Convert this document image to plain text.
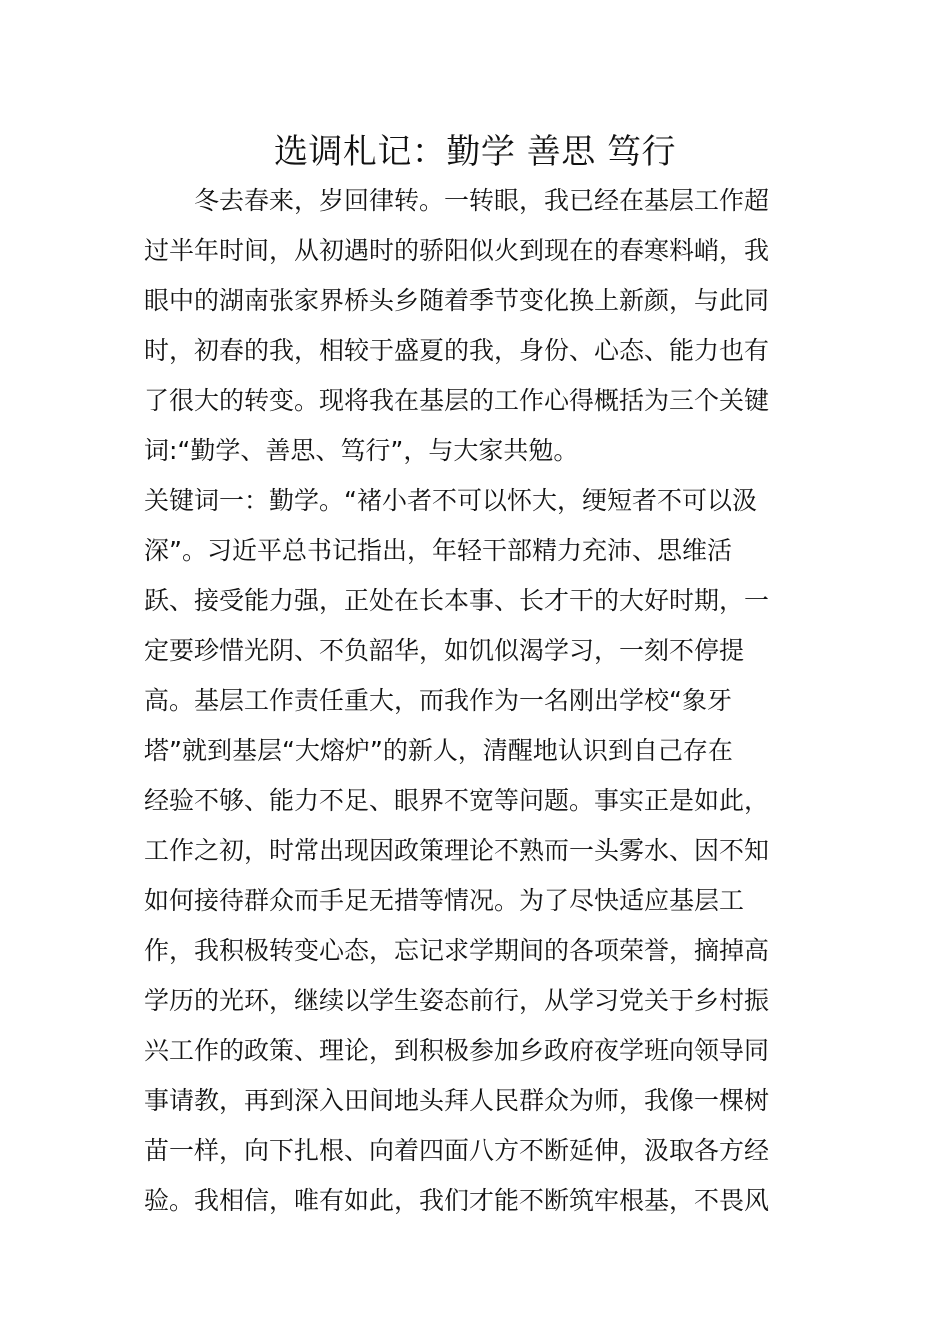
选调札记：勤学 善思 笃行
　　冬去春来，岁回律转。一转眼，我已经在基层工作超
过半年时间，从初遇时的骄阳似火到现在的春寒料峭，我
眼中的湖南张家界桥头乡随着季节变化换上新颜，与此同
时，初春的我，相较于盛夏的我，身份、心态、能力也有
了很大的转变。现将我在基层的工作心得概括为三个关键
词:“勤学、善思、笃行”，与大家共勉。
关键词一：勤学。“褚小者不可以怀大，绠短者不可以汲
深”。习近平总书记指出，年轻干部精力充沛、思维活
跃、接受能力强，正处在长本事、长才干的大好时期，一
定要珍惜光阴、不负韶华，如饥似渴学习，一刻不停提
高。基层工作责任重大，而我作为一名刚出学校“象牙
塔”就到基层“大熔炉”的新人，清醒地认识到自己存在
经验不够、能力不足、眼界不宽等问题。事实正是如此，
工作之初，时常出现因政策理论不熟而一头雾水、因不知
如何接待群众而手足无措等情况。为了尽快适应基层工
作，我积极转变心态，忘记求学期间的各项荣誉，摘掉高
学历的光环，继续以学生姿态前行，从学习党关于乡村振
兴工作的政策、理论，到积极参加乡政府夜学班向领导同
事请教，再到深入田间地头拜人民群众为师，我像一棵树
苗一样，向下扎根、向着四面八方不断延伸，汲取各方经
验。我相信，唯有如此，我们才能不断筑牢根基，不畏风
